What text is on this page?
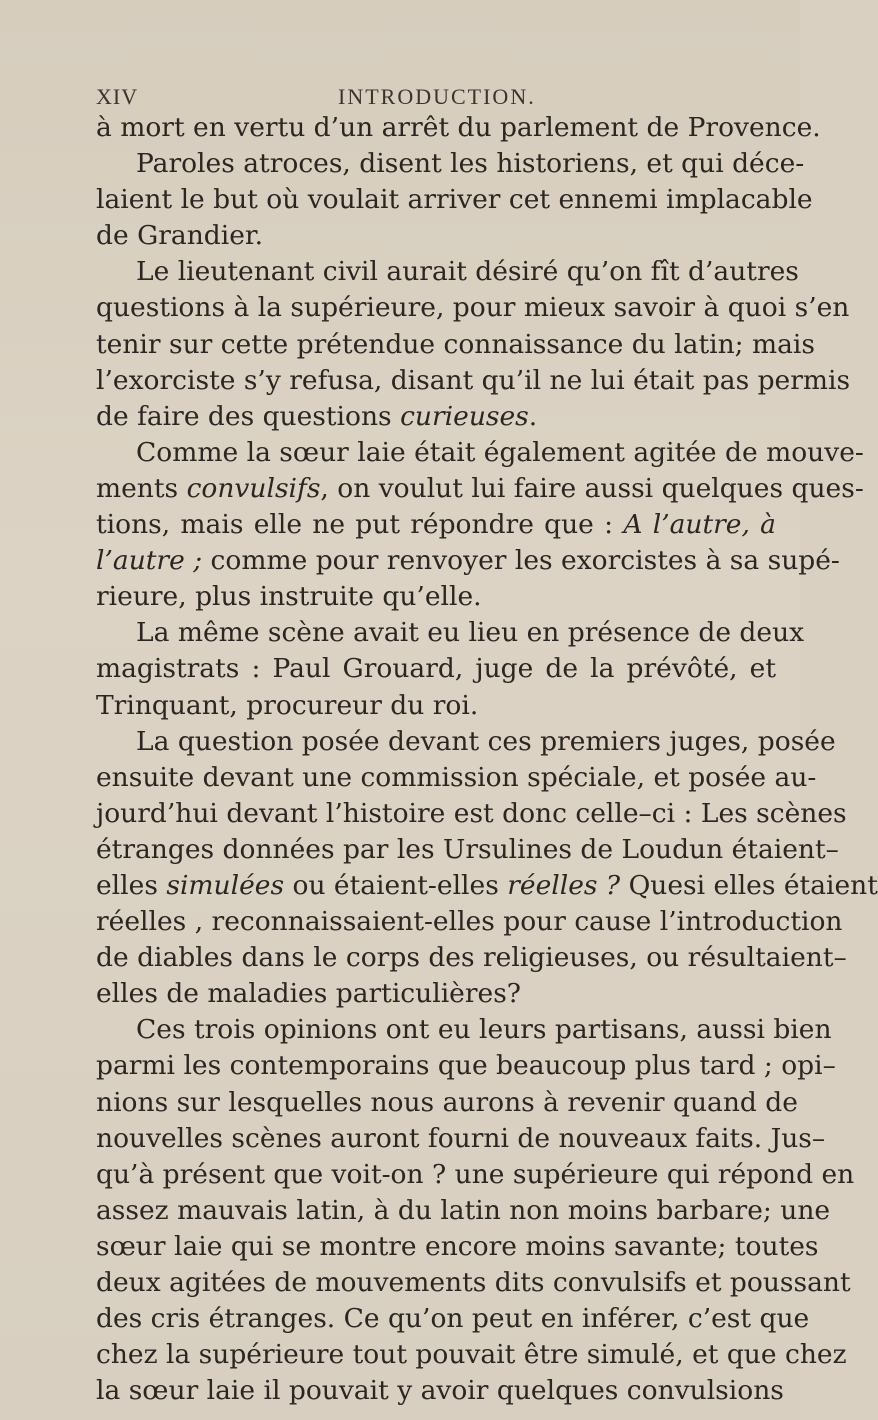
XIV	INTRODUCTION.
à mort en vertu d’un arrêt du parlement de Provence.
Paroles atroces, disent les historiens, et qui déce-
laient le but où voulait arriver cet ennemi implacable
de Grandier.
Le lieutenant civil aurait désiré qu’on fît d’autres
questions à la supérieure, pour mieux savoir à quoi s’en
tenir sur cette prétendue connaissance du latin; mais
l’exorciste s’y refusa, disant qu’il ne lui était pas permis
de faire des questions curieuses.
Comme la sœur laie était également agitée de mouve-
ments convulsifs, on voulut lui faire aussi quelques ques-
tions, mais elle ne put répondre que : A l’autre, à
l’autre ; comme pour renvoyer les exorcistes à sa supé-
rieure, plus instruite qu’elle.
La même scène avait eu lieu en présence de deux
magistrats : Paul Grouard, juge de la prévôté, et
Trinquant, procureur du roi.
La question posée devant ces premiers juges, posée
ensuite devant une commission spéciale, et posée au-
jourd’hui devant l’histoire est donc celle–ci : Les scènes
étranges données par les Ursulines de Loudun étaient–
elles simulées ou étaient-elles réelles ? Quesi elles étaient
réelles , reconnaissaient-elles pour cause l’introduction
de diables dans le corps des religieuses, ou résultaient–
elles de maladies particulières?
Ces trois opinions ont eu leurs partisans, aussi bien
parmi les contemporains que beaucoup plus tard ; opi–
nions sur lesquelles nous aurons à revenir quand de
nouvelles scènes auront fourni de nouveaux faits. Jus–
qu’à présent que voit-on ? une supérieure qui répond en
assez mauvais latin, à du latin non moins barbare; une
sœur laie qui se montre encore moins savante; toutes
deux agitées de mouvements dits convulsifs et poussant
des cris étranges. Ce qu’on peut en inférer, c’est que
chez la supérieure tout pouvait être simulé, et que chez
la sœur laie il pouvait y avoir quelques convulsions
